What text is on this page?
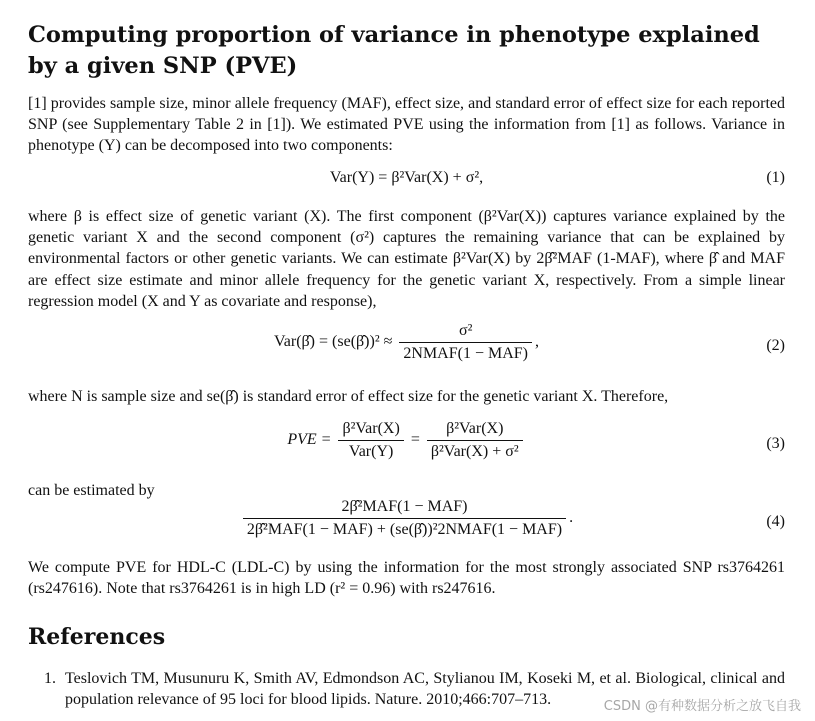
Computing proportion of variance in phenotype explained by a given SNP (PVE)

[1] provides sample size, minor allele frequency (MAF), effect size, and standard error of effect size for each reported SNP (see Supplementary Table 2 in [1]). We estimated PVE using the information from [1] as follows. Variance in phenotype (Y) can be decomposed into two components:

Var(Y) = β²Var(X) + σ²,	(1)

where β is effect size of genetic variant (X). The first component (β²Var(X)) captures variance explained by the genetic variant X and the second component (σ²) captures the remaining variance that can be explained by environmental factors or other genetic variants. We can estimate β²Var(X) by 2β̂²MAF (1-MAF), where β̂ and MAF are effect size estimate and minor allele frequency for the genetic variant X, respectively. From a simple linear regression model (X and Y as covariate and response),

Var(β̂) = (se(β̂))² ≈ $\frac{\text{σ²}}{\text{2NMAF(1 − MAF)}}$ ,	(2)

where N is sample size and se(β̂) is standard error of effect size for the genetic variant X. Therefore,

PVE = $\frac{\text{β²Var(X)}}{\text{Var(Y)}} = \frac{\text{β²Var(X)}}{\text{β²Var(X) + σ²}}$	(3)

can be estimated by

$\frac{\text{2β̂²MAF(1 − MAF)}}{\text{2β̂²MAF(1 − MAF) + (se(β̂))²2NMAF(1 − MAF)}}$ .	(4)

We compute PVE for HDL-C (LDL-C) by using the information for the most strongly associated SNP rs3764261 (rs247616). Note that rs3764261 is in high LD (r² = 0.96) with rs247616.

References
1. Teslovich TM, Musunuru K, Smith AV, Edmondson AC, Stylianou IM, Koseki M, et al. Biological, clinical and population relevance of 95 loci for blood lipids. Nature. 2010;466:707–713.	CSDN @有种数据分析之放飞自我
